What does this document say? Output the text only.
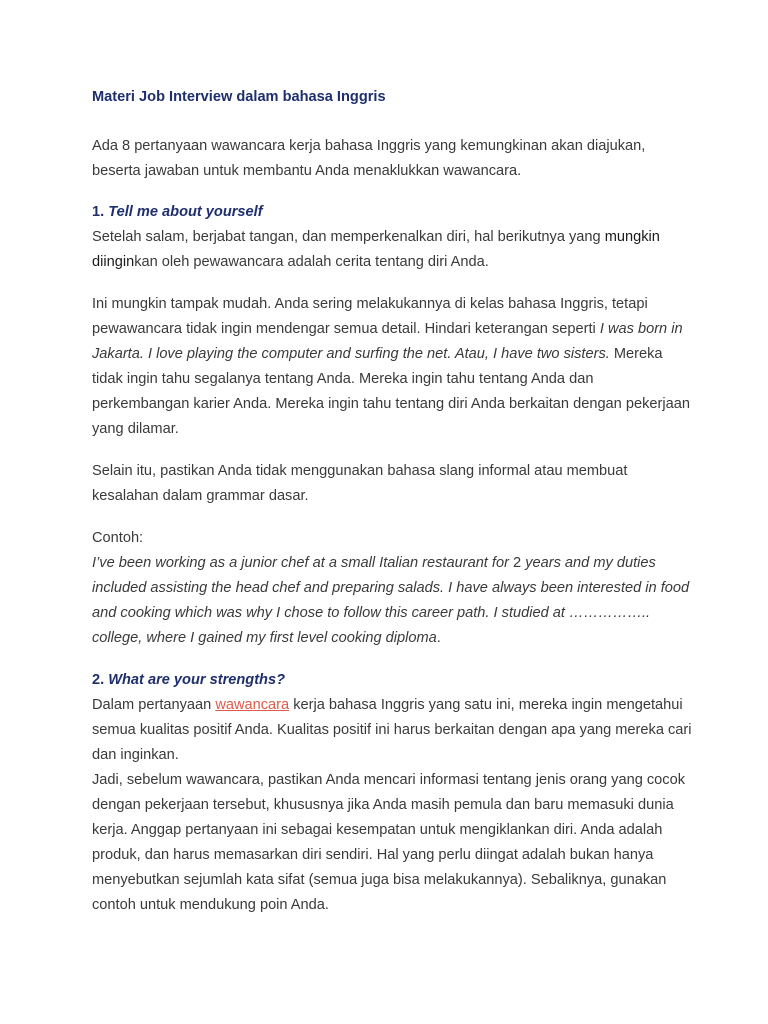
Materi Job Interview dalam bahasa Inggris

Ada 8 pertanyaan wawancara kerja bahasa Inggris yang kemungkinan akan diajukan, beserta jawaban untuk membantu Anda menaklukkan wawancara.

1. Tell me about yourself

Setelah salam, berjabat tangan, dan memperkenalkan diri, hal berikutnya yang mungkin diinginkan oleh pewawancara adalah cerita tentang diri Anda.

Ini mungkin tampak mudah. Anda sering melakukannya di kelas bahasa Inggris, tetapi pewawancara tidak ingin mendengar semua detail. Hindari keterangan seperti I was born in Jakarta. I love playing the computer and surfing the net. Atau, I have two sisters. Mereka tidak ingin tahu segalanya tentang Anda. Mereka ingin tahu tentang Anda dan perkembangan karier Anda. Mereka ingin tahu tentang diri Anda berkaitan dengan pekerjaan yang dilamar.

Selain itu, pastikan Anda tidak menggunakan bahasa slang informal atau membuat kesalahan dalam grammar dasar.

Contoh:

I’ve been working as a junior chef at a small Italian restaurant for 2 years and my duties included assisting the head chef and preparing salads. I have always been interested in food and cooking which was why I chose to follow this career path. I studied at …………….. college, where I gained my first level cooking diploma.

2. What are your strengths?

Dalam pertanyaan wawancara kerja bahasa Inggris yang satu ini, mereka ingin mengetahui semua kualitas positif Anda. Kualitas positif ini harus berkaitan dengan apa yang mereka cari dan inginkan.

Jadi, sebelum wawancara, pastikan Anda mencari informasi tentang jenis orang yang cocok dengan pekerjaan tersebut, khususnya jika Anda masih pemula dan baru memasuki dunia kerja. Anggap pertanyaan ini sebagai kesempatan untuk mengiklankan diri. Anda adalah produk, dan harus memasarkan diri sendiri. Hal yang perlu diingat adalah bukan hanya menyebutkan sejumlah kata sifat (semua juga bisa melakukannya). Sebaliknya, gunakan contoh untuk mendukung poin Anda.
